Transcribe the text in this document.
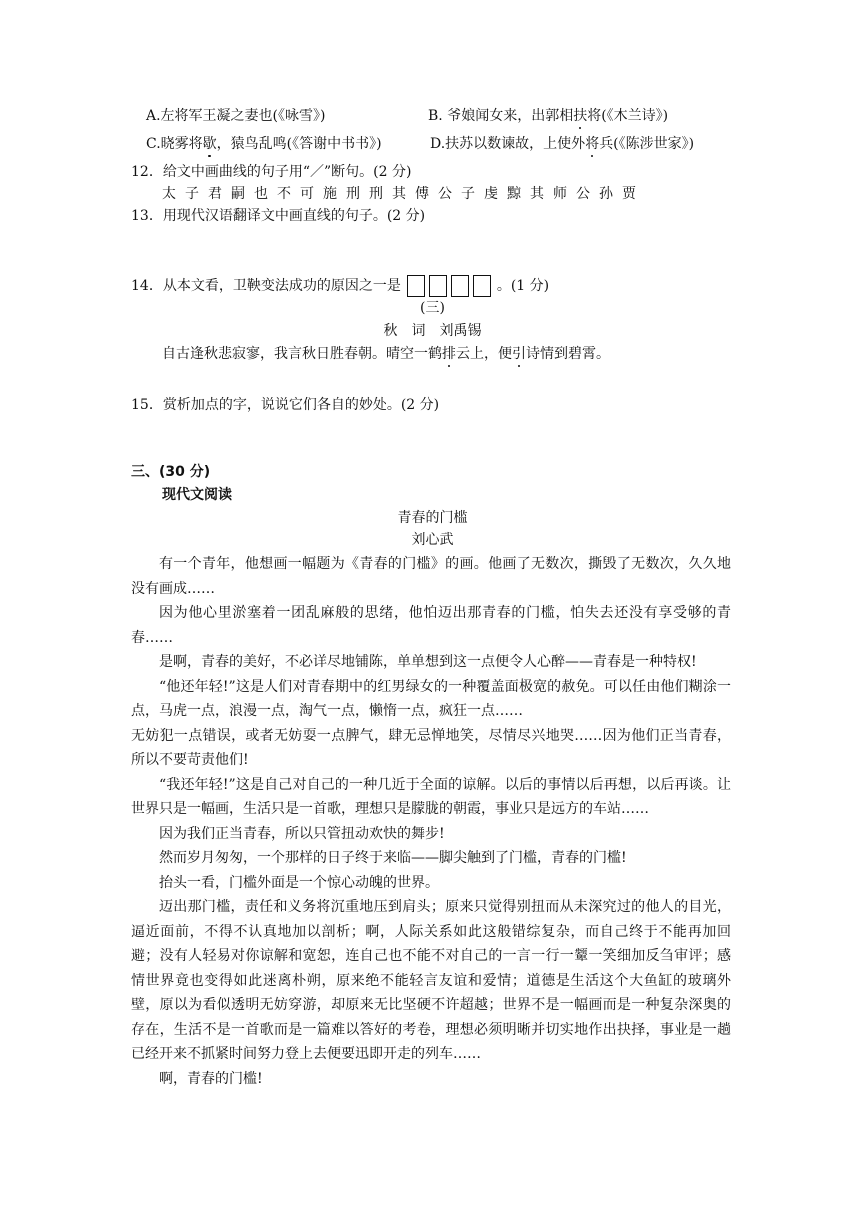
A.左将军王凝之妻也(《咏雪》)	B. 爷娘闻女来，出郭相扶将(《木兰诗》)
C.晓雾将歇，猿鸟乱鸣(《答谢中书书》)	D.扶苏以数谏故，上使外将兵(《陈涉世家》)
12．给文中画曲线的句子用“／”断句。(2 分)
太子君嗣也不可施刑刑其傅公子虔黥其师公孙贾
13．用现代汉语翻译文中画直线的句子。(2 分)
14．从本文看，卫鞅变法成功的原因之一是	。(1 分)
(三)
秋　词　刘禹锡
自古逢秋悲寂寥，我言秋日胜春朝。晴空一鹤排云上，便引诗情到碧霄。
15．赏析加点的字，说说它们各自的妙处。(2 分)
三、(30 分)
现代文阅读
青春的门槛
刘心武

有一个青年，他想画一幅题为《青春的门槛》的画。他画了无数次，撕毁了无数次，久久地没有画成……

因为他心里淤塞着一团乱麻般的思绪，他怕迈出那青春的门槛，怕失去还没有享受够的青春……

是啊，青春的美好，不必详尽地铺陈，单单想到这一点便令人心醉——青春是一种特权!

“他还年轻!”这是人们对青春期中的红男绿女的一种覆盖面极宽的赦免。可以任由他们糊涂一点，马虎一点，浪漫一点，淘气一点，懒惰一点，疯狂一点……

无妨犯一点错误，或者无妨耍一点脾气，肆无忌惮地笑，尽情尽兴地哭……因为他们正当青春，所以不要苛责他们!

“我还年轻!”这是自己对自己的一种几近于全面的谅解。以后的事情以后再想，以后再谈。让世界只是一幅画，生活只是一首歌，理想只是朦胧的朝霞，事业只是远方的车站……

因为我们正当青春，所以只管扭动欢快的舞步!

然而岁月匆匆，一个那样的日子终于来临——脚尖触到了门槛，青春的门槛!

抬头一看，门槛外面是一个惊心动魄的世界。

迈出那门槛，责任和义务将沉重地压到肩头；原来只觉得别扭而从未深究过的他人的目光，逼近面前，不得不认真地加以剖析；啊，人际关系如此这般错综复杂，而自己终于不能再加回避；没有人轻易对你谅解和宽恕，连自己也不能不对自己的一言一行一颦一笑细加反刍审评；感情世界竟也变得如此迷离朴朔，原来绝不能轻言友谊和爱情；道德是生活这个大鱼缸的玻璃外壁，原以为看似透明无妨穿游，却原来无比坚硬不许超越；世界不是一幅画而是一种复杂深奥的存在，生活不是一首歌而是一篇难以答好的考卷，理想必须明晰并切实地作出抉择，事业是一趟已经开来不抓紧时间努力登上去便要迅即开走的列车……

啊，青春的门槛!
